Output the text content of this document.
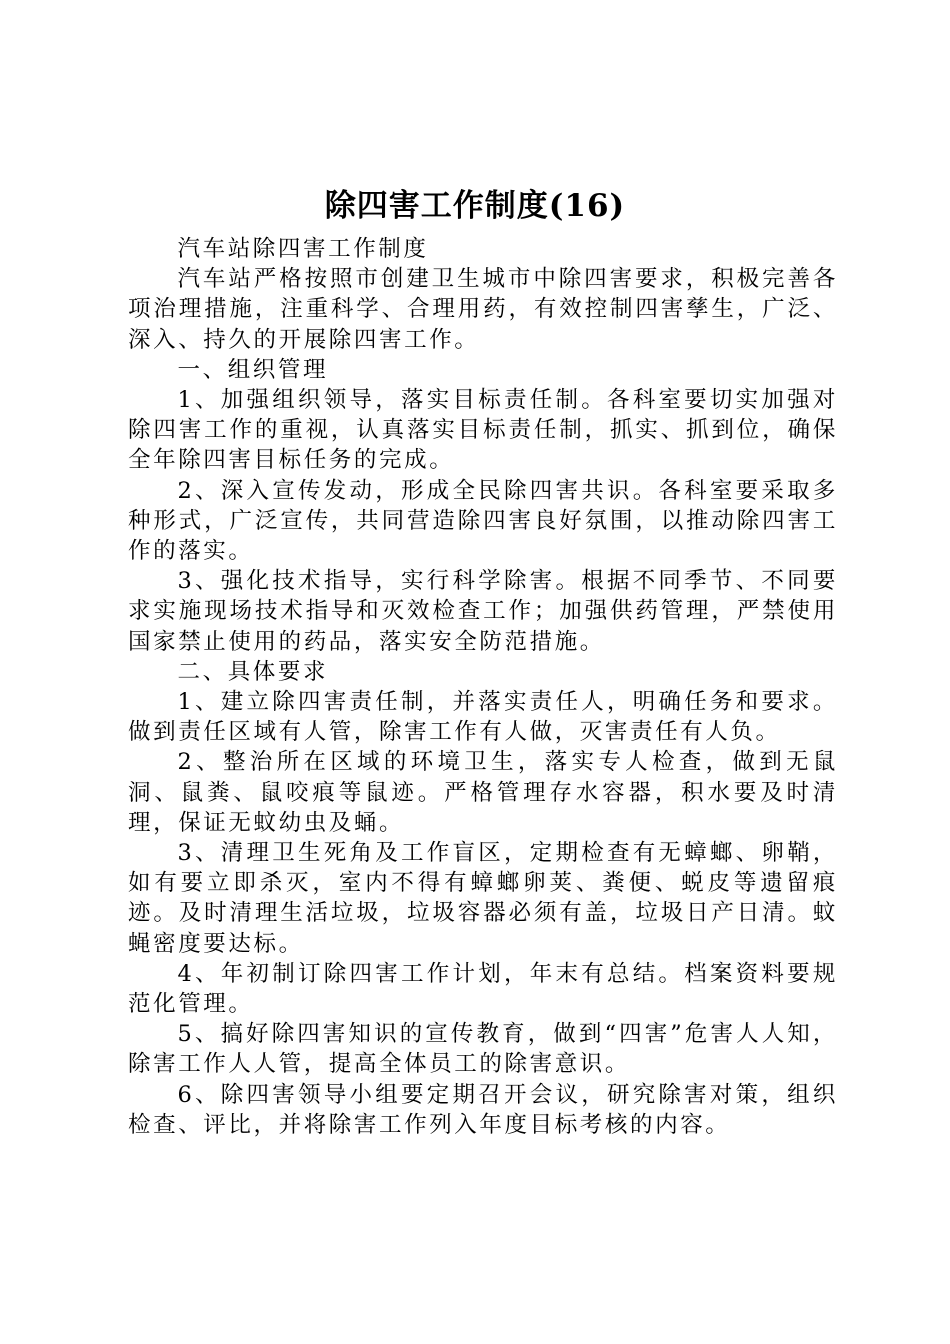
除四害工作制度(16)

汽车站除四害工作制度

汽车站严格按照市创建卫生城市中除四害要求，积极完善各项治理措施，注重科学、合理用药，有效控制四害孳生，广泛、深入、持久的开展除四害工作。

一、组织管理

1、加强组织领导，落实目标责任制。各科室要切实加强对除四害工作的重视，认真落实目标责任制，抓实、抓到位，确保全年除四害目标任务的完成。

2、深入宣传发动，形成全民除四害共识。各科室要采取多种形式，广泛宣传，共同营造除四害良好氛围，以推动除四害工作的落实。

3、强化技术指导，实行科学除害。根据不同季节、不同要求实施现场技术指导和灭效检查工作；加强供药管理，严禁使用国家禁止使用的药品，落实安全防范措施。

二、具体要求

1、建立除四害责任制，并落实责任人，明确任务和要求。做到责任区域有人管，除害工作有人做，灭害责任有人负。

2、整治所在区域的环境卫生，落实专人检查，做到无鼠洞、鼠粪、鼠咬痕等鼠迹。严格管理存水容器，积水要及时清理，保证无蚊幼虫及蛹。

3、清理卫生死角及工作盲区，定期检查有无蟑螂、卵鞘，如有要立即杀灭，室内不得有蟑螂卵荚、粪便、蜕皮等遗留痕迹。及时清理生活垃圾，垃圾容器必须有盖，垃圾日产日清。蚊蝇密度要达标。

4、年初制订除四害工作计划，年末有总结。档案资料要规范化管理。

5、搞好除四害知识的宣传教育，做到“四害”危害人人知，除害工作人人管，提高全体员工的除害意识。

6、除四害领导小组要定期召开会议，研究除害对策，组织检查、评比，并将除害工作列入年度目标考核的内容。
